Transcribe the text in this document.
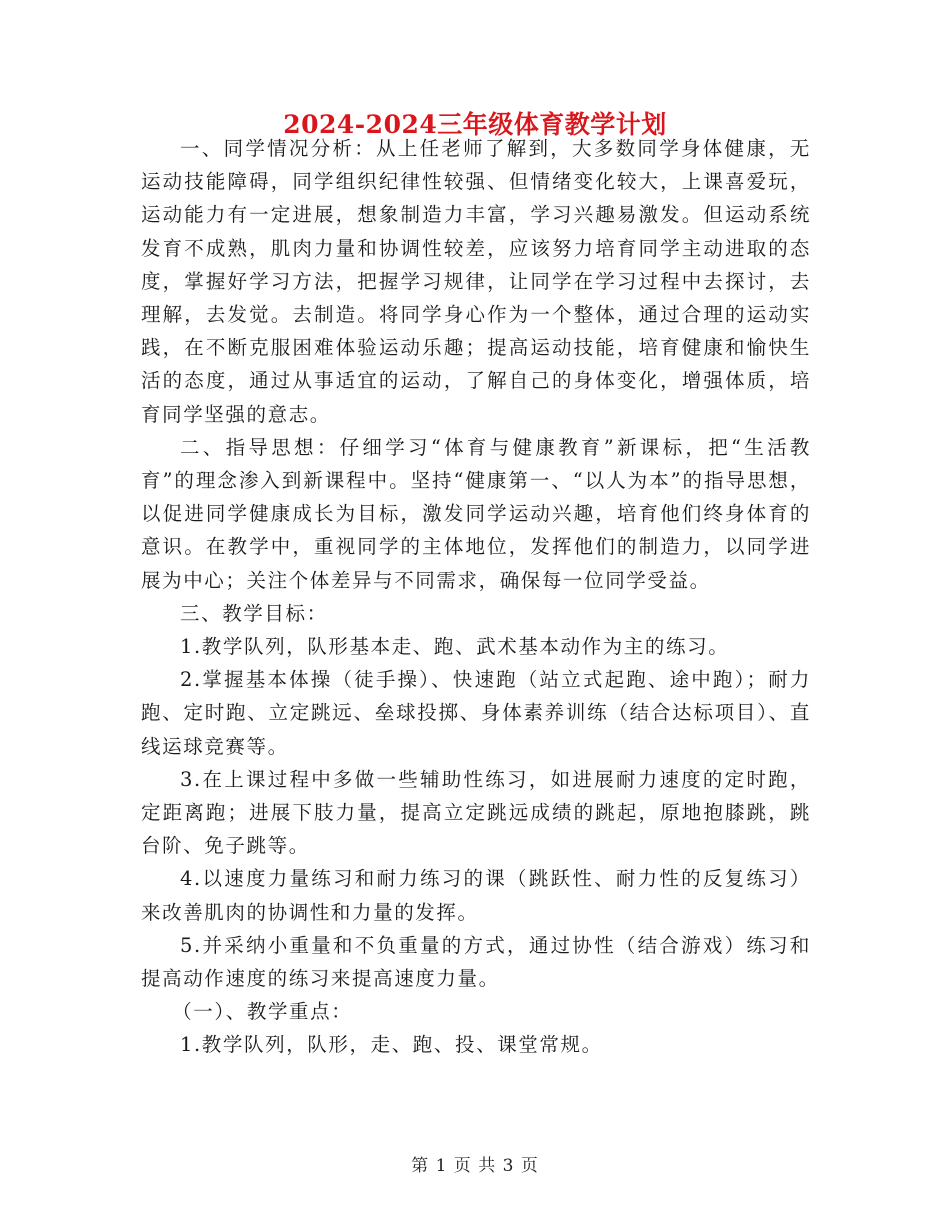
2024-2024三年级体育教学计划

一、同学情况分析：从上任老师了解到，大多数同学身体健康，无运动技能障碍，同学组织纪律性较强、但情绪变化较大，上课喜爱玩，运动能力有一定进展，想象制造力丰富，学习兴趣易激发。但运动系统发育不成熟，肌肉力量和协调性较差，应该努力培育同学主动进取的态度，掌握好学习方法，把握学习规律，让同学在学习过程中去探讨，去理解，去发觉。去制造。将同学身心作为一个整体，通过合理的运动实践，在不断克服困难体验运动乐趣；提高运动技能，培育健康和愉快生活的态度，通过从事适宜的运动，了解自己的身体变化，增强体质，培育同学坚强的意志。

二、指导思想：仔细学习“体育与健康教育”新课标，把“生活教育”的理念渗入到新课程中。坚持“健康第一、“以人为本”的指导思想，以促进同学健康成长为目标，激发同学运动兴趣，培育他们终身体育的意识。在教学中，重视同学的主体地位，发挥他们的制造力，以同学进展为中心；关注个体差异与不同需求，确保每一位同学受益。

三、教学目标：

1.教学队列，队形基本走、跑、武术基本动作为主的练习。

2.掌握基本体操（徒手操）、快速跑（站立式起跑、途中跑）；耐力跑、定时跑、立定跳远、垒球投掷、身体素养训练（结合达标项目）、直线运球竞赛等。

3.在上课过程中多做一些辅助性练习，如进展耐力速度的定时跑，定距离跑；进展下肢力量，提高立定跳远成绩的跳起，原地抱膝跳，跳台阶、免子跳等。

4.以速度力量练习和耐力练习的课（跳跃性、耐力性的反复练习）来改善肌肉的协调性和力量的发挥。

5.并采纳小重量和不负重量的方式，通过协性（结合游戏）练习和提高动作速度的练习来提高速度力量。

（一）、教学重点：

1.教学队列，队形，走、跑、投、课堂常规。

第 1 页 共 3 页
